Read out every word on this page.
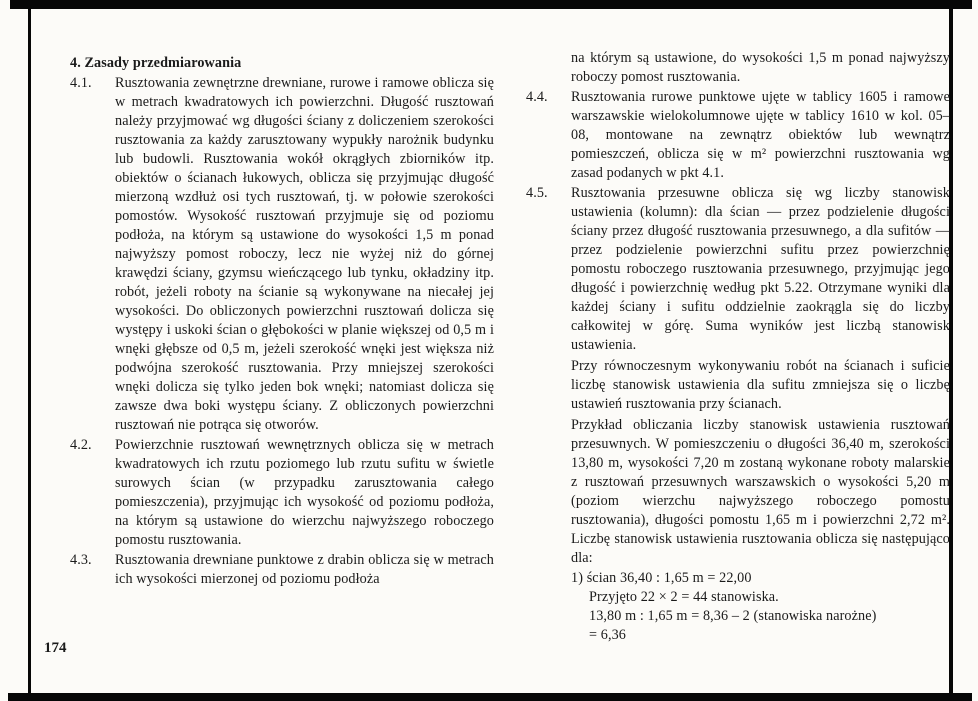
4. Zasady przedmiarowania
4.1.	Rusztowania zewnętrzne drewniane, rurowe i ramowe oblicza się w metrach kwadratowych ich powierzchni. Długość rusztowań należy przyjmować wg długości ściany z doliczeniem szerokości rusztowania za każdy zarusztowany wypukły narożnik budynku lub budowli. Rusztowania wokół okrągłych zbiorników itp. obiektów o ścianach łukowych, oblicza się przyjmując długość mierzoną wzdłuż osi tych rusztowań, tj. w połowie szerokości pomostów. Wysokość rusztowań przyjmuje się od poziomu podłoża, na którym są ustawione do wysokości 1,5 m ponad najwyższy pomost roboczy, lecz nie wyżej niż do górnej krawędzi ściany, gzymsu wieńczącego lub tynku, okładziny itp. robót, jeżeli roboty na ścianie są wykonywane na niecałej jej wysokości. Do obliczonych powierzchni rusztowań dolicza się występy i uskoki ścian o głębokości w planie większej od 0,5 m i wnęki głębsze od 0,5 m, jeżeli szerokość wnęki jest większa niż podwójna szerokość rusztowania. Przy mniejszej szerokości wnęki dolicza się tylko jeden bok wnęki; natomiast dolicza się zawsze dwa boki występu ściany. Z obliczonych powierzchni rusztowań nie potrąca się otworów.
4.2.	Powierzchnie rusztowań wewnętrznych oblicza się w metrach kwadratowych ich rzutu poziomego lub rzutu sufitu w świetle surowych ścian (w przypadku zarusztowania całego pomieszczenia), przyjmując ich wysokość od poziomu podłoża, na którym są ustawione do wierzchu najwyższego roboczego pomostu rusztowania.
4.3.	Rusztowania drewniane punktowe z drabin oblicza się w metrach ich wysokości mierzonej od poziomu podłoża
na którym są ustawione, do wysokości 1,5 m ponad najwyższy roboczy pomost rusztowania.
4.4.	Rusztowania rurowe punktowe ujęte w tablicy 1605 i ramowe warszawskie wielokolumnowe ujęte w tablicy 1610 w kol. 05–08, montowane na zewnątrz obiektów lub wewnątrz pomieszczeń, oblicza się w m² powierzchni rusztowania wg zasad podanych w pkt 4.1.
4.5.	Rusztowania przesuwne oblicza się wg liczby stanowisk ustawienia (kolumn): dla ścian — przez podzielenie długości ściany przez długość rusztowania przesuwnego, a dla sufitów — przez podzielenie powierzchni sufitu przez powierzchnię pomostu roboczego rusztowania przesuwnego, przyjmując jego długość i powierzchnię według pkt 5.22. Otrzymane wyniki dla każdej ściany i sufitu oddzielnie zaokrągla się do liczby całkowitej w górę. Suma wyników jest liczbą stanowisk ustawienia.
Przy równoczesnym wykonywaniu robót na ścianach i suficie liczbę stanowisk ustawienia dla sufitu zmniejsza się o liczbę ustawień rusztowania przy ścianach.
Przykład obliczania liczby stanowisk ustawienia rusztowań przesuwnych. W pomieszczeniu o długości 36,40 m, szerokości 13,80 m, wysokości 7,20 m zostaną wykonane roboty malarskie z rusztowań przesuwnych warszawskich o wysokości 5,20 m (poziom wierzchu najwyższego roboczego pomostu rusztowania), długości pomostu 1,65 m i powierzchni 2,72 m². Liczbę stanowisk ustawienia rusztowania oblicza się następująco dla:
1) ścian 36,40 : 1,65 m = 22,00
Przyjęto 22 × 2 = 44 stanowiska.
13,80 m : 1,65 m = 8,36 – 2 (stanowiska narożne)
= 6,36
174
